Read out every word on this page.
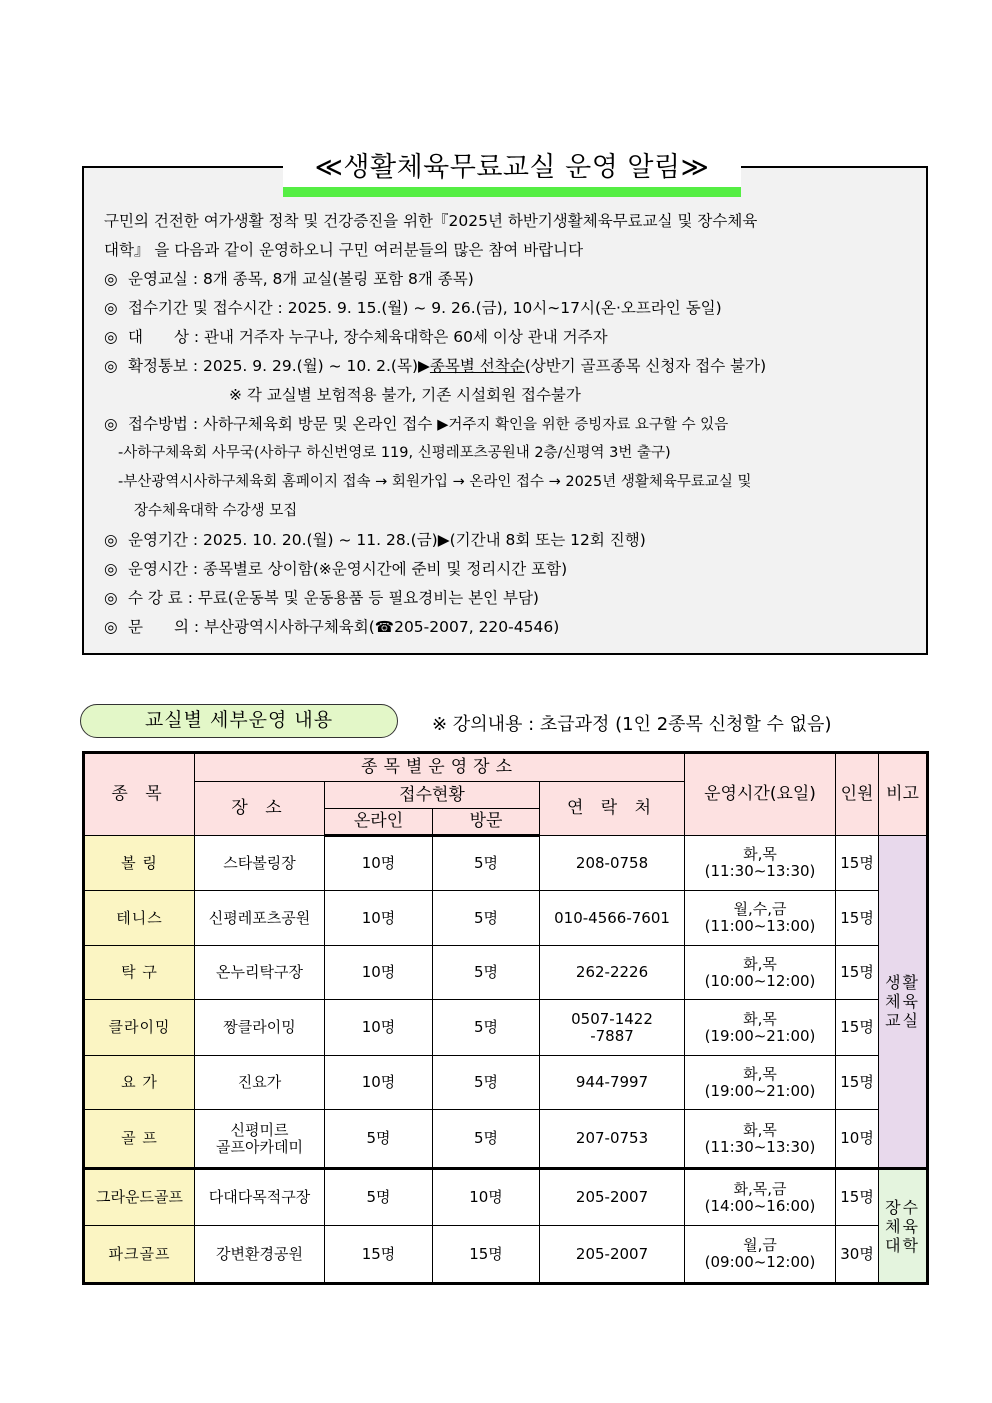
≪생활체육무료교실 운영 알림≫
구민의 건전한 여가생활 정착 및 건강증진을 위한『2025년 하반기생활체육무료교실 및 장수체육
대학』 을 다음과 같이 운영하오니 구민 여러분들의 많은 참여 바랍니다
◎ 운영교실 : 8개 종목, 8개 교실(볼링 포함 8개 종목)
◎ 접수기간 및 접수시간 : 2025. 9. 15.(월) ~ 9. 26.(금), 10시∼17시(온·오프라인 동일)
◎ 대　　상 : 관내 거주자 누구나, 장수체육대학은 60세 이상 관내 거주자
◎ 확정통보 : 2025. 9. 29.(월) ~ 10. 2.(목)▶종목별 선착순(상반기 골프종목 신청자 접수 불가)
※ 각 교실별 보험적용 불가, 기존 시설회원 접수불가
◎ 접수방법 : 사하구체육회 방문 및 온라인 접수 ▶거주지 확인을 위한 증빙자료 요구할 수 있음
-사하구체육회 사무국(사하구 하신번영로 119, 신평레포츠공원내 2층/신평역 3번 출구)
-부산광역시사하구체육회 홈페이지 접속 → 회원가입 → 온라인 접수 → 2025년 생활체육무료교실 및
장수체육대학 수강생 모집
◎ 운영기간 : 2025. 10. 20.(월) ~ 11. 28.(금)▶(기간내 8회 또는 12회 진행)
◎ 운영시간 : 종목별로 상이함(※운영시간에 준비 및 정리시간 포함)
◎ 수 강 료 : 무료(운동복 및 운동용품 등 필요경비는 본인 부담)
◎ 문　　의 : 부산광역시사하구체육회(☎205-2007, 220-4546)
교실별 세부운영 내용	※ 강의내용 : 초급과정 (1인 2종목 신청할 수 없음)
종 목	종목별운영장소				운영시간(요일)	인원	비고
	장 소	접수현황		연 락 처			
		온라인	방문				
볼 링	스타볼링장	10명	5명	208-0758	화,목
(11:30∼13:30)	15명	생활
체육
교실
테니스	신평레포츠공원	10명	5명	010-4566-7601	월,수,금
(11:00∼13:00)	15명	
탁 구	온누리탁구장	10명	5명	262-2226	화,목
(10:00∼12:00)	15명	
클라이밍	짱클라이밍	10명	5명	0507-1422
-7887	화,목
(19:00∼21:00)	15명	
요 가	진요가	10명	5명	944-7997	화,목
(19:00∼21:00)	15명	
골 프	신평미르
골프아카데미	5명	5명	207-0753	화,목
(11:30∼13:30)	10명	
그라운드골프	다대다목적구장	5명	10명	205-2007	화,목,금
(14:00~16:00)	15명	장수
체육
대학
파크골프	강변환경공원	15명	15명	205-2007	월,금
(09:00~12:00)	30명	
